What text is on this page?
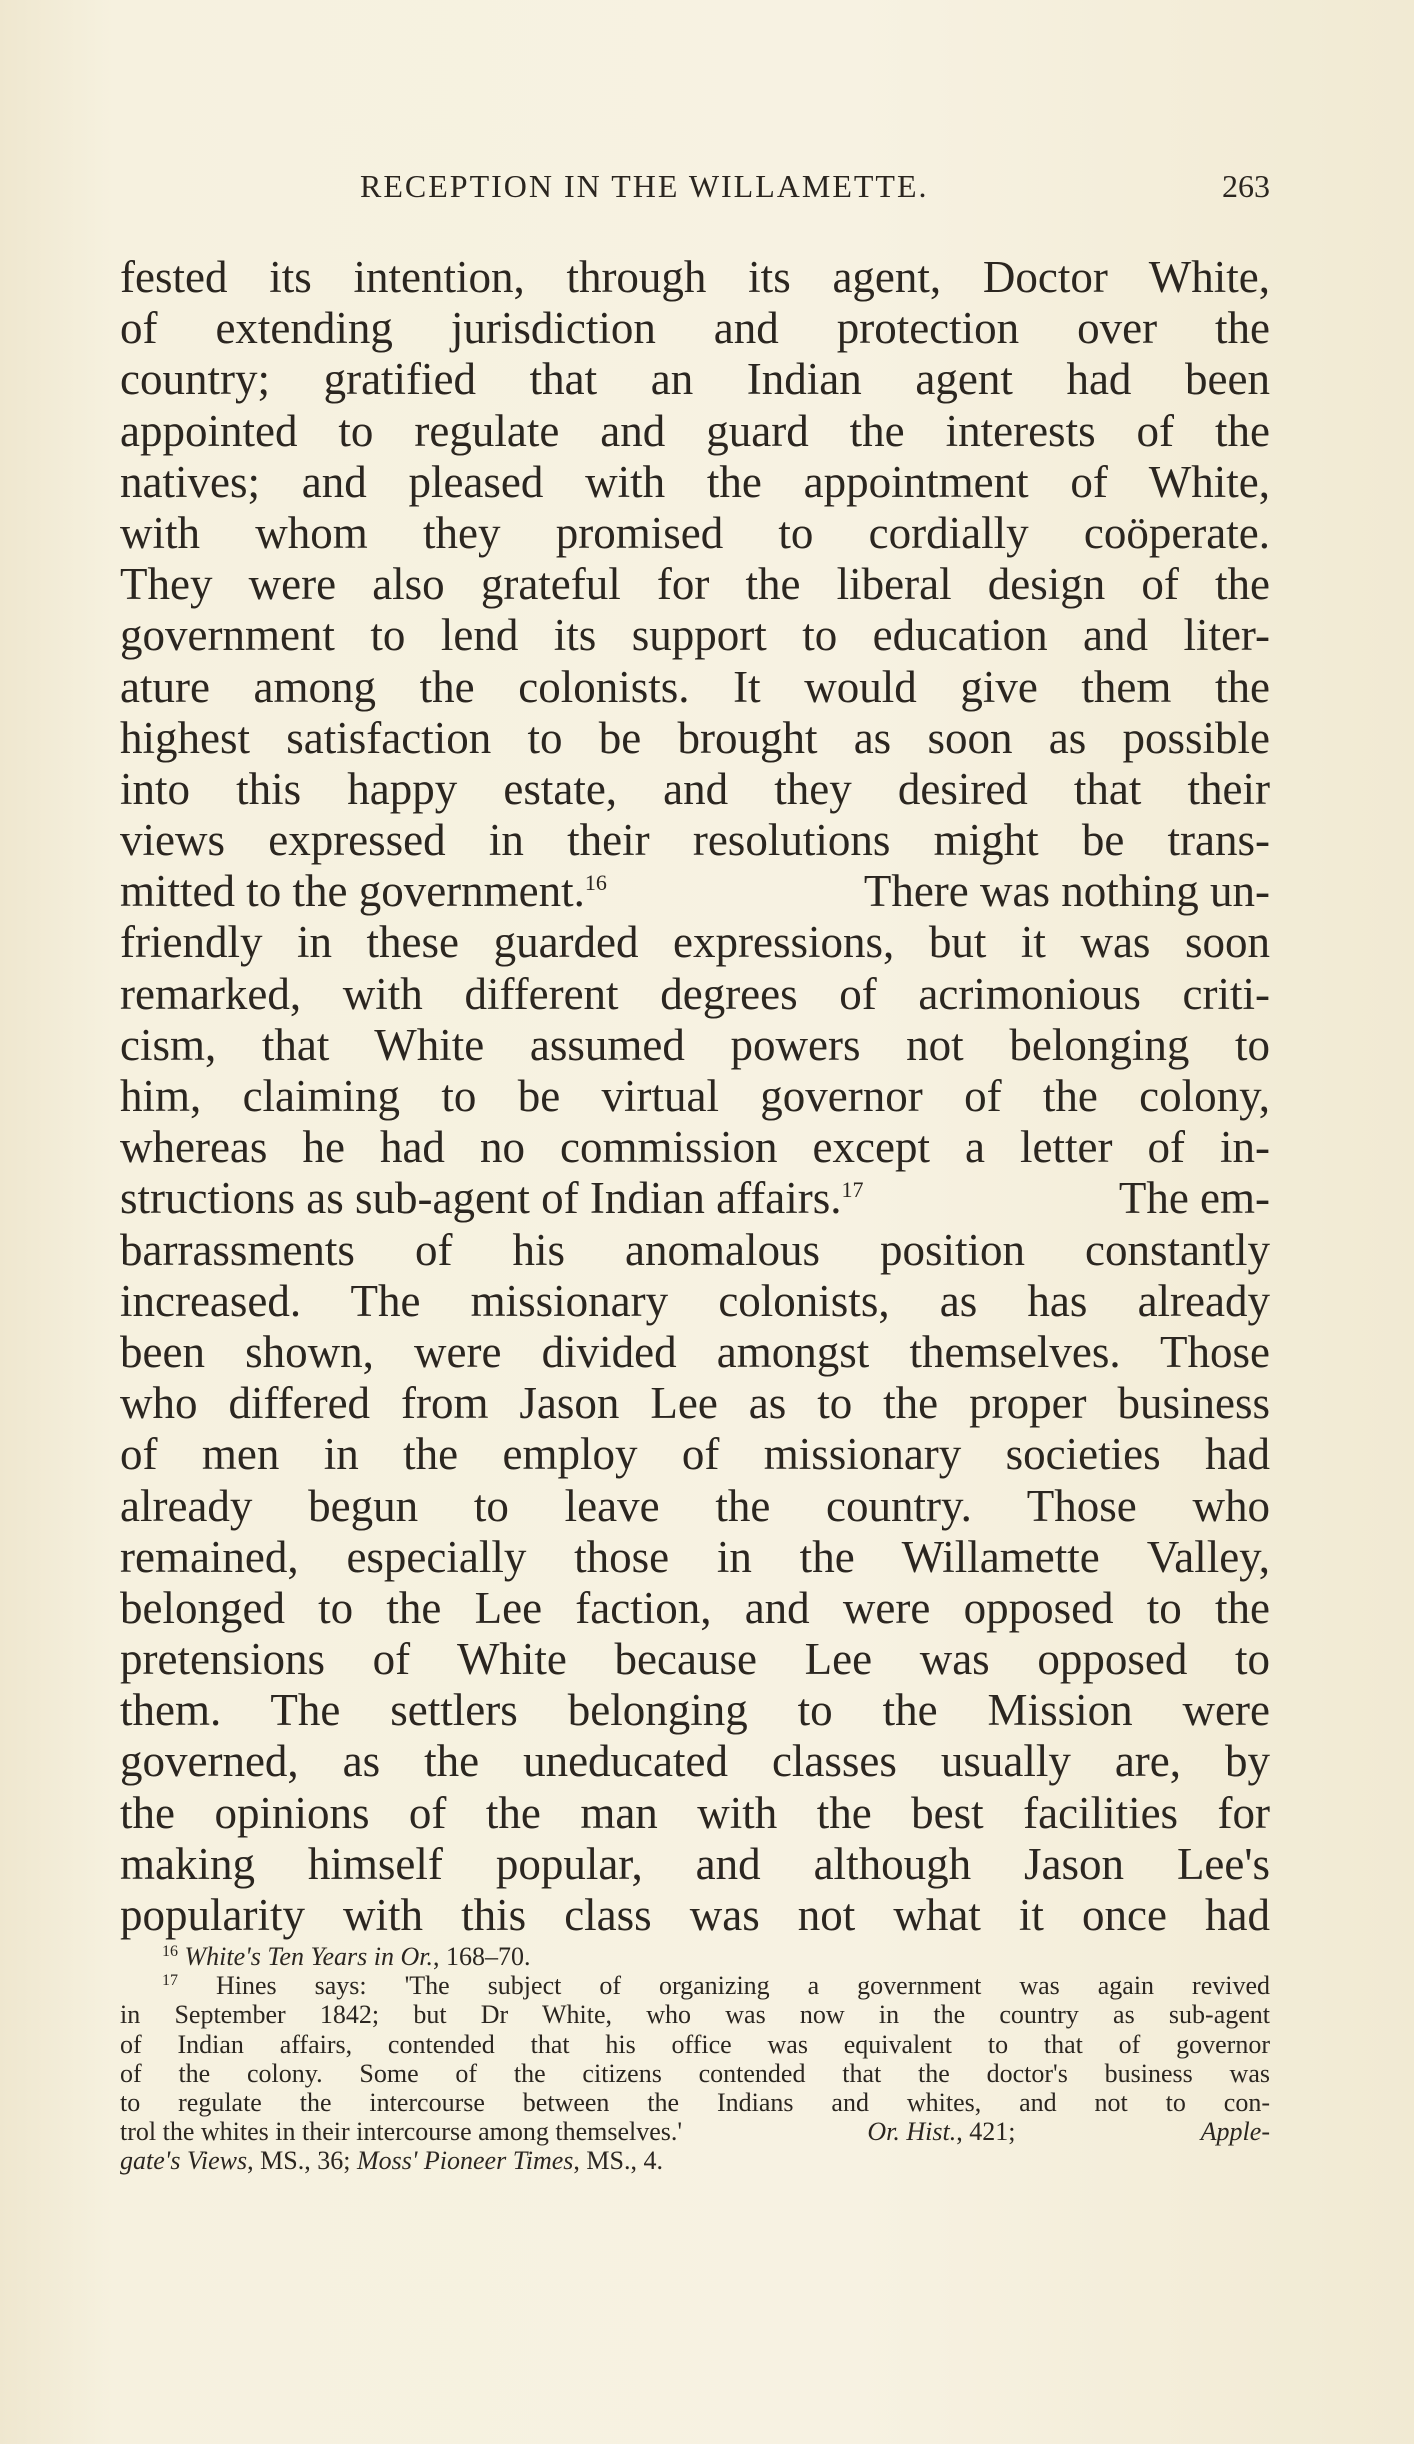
RECEPTION IN THE WILLAMETTE.	263
fested its intention, through its agent, Doctor White,
of extending jurisdiction and protection over the
country; gratified that an Indian agent had been
appointed to regulate and guard the interests of the
natives; and pleased with the appointment of White,
with whom they promised to cordially coöperate.
They were also grateful for the liberal design of the
government to lend its support to education and liter-
ature among the colonists. It would give them the
highest satisfaction to be brought as soon as possible
into this happy estate, and they desired that their
views expressed in their resolutions might be trans-
mitted to the government.$^{16}$	There was nothing un-
friendly in these guarded expressions, but it was soon
remarked, with different degrees of acrimonious criti-
cism, that White assumed powers not belonging to
him, claiming to be virtual governor of the colony,
whereas he had no commission except a letter of in-
structions as sub-agent of Indian affairs.$^{17}$	The em-
barrassments of his anomalous position constantly
increased. The missionary colonists, as has already
been shown, were divided amongst themselves. Those
who differed from Jason Lee as to the proper business
of men in the employ of missionary societies had
already begun to leave the country. Those who
remained, especially those in the Willamette Valley,
belonged to the Lee faction, and were opposed to the
pretensions of White because Lee was opposed to
them. The settlers belonging to the Mission were
governed, as the uneducated classes usually are, by
the opinions of the man with the best facilities for
making himself popular, and although Jason Lee's
popularity with this class was not what it once had
$^{16}$ White's Ten Years in Or., 168–70.
$^{17}$ Hines says: 'The subject of organizing a government was again revived
in September 1842; but Dr White, who was now in the country as sub-agent
of Indian affairs, contended that his office was equivalent to that of governor
of the colony. Some of the citizens contended that the doctor's business was
to regulate the intercourse between the Indians and whites, and not to con-
trol the whites in their intercourse among themselves.'	Or. Hist., 421;	Apple-
gate's Views, MS., 36; Moss' Pioneer Times, MS., 4.
